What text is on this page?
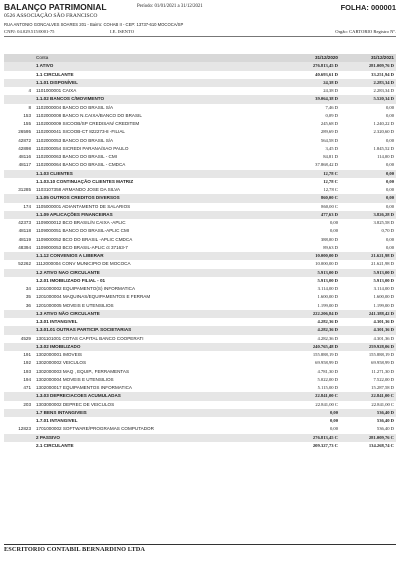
BALANÇO PATRIMONIAL	Período: 01/01/2021 a 31/12/2021	FOLHA: 000001
0526 ASSOCIAÇÃO SÃO FRANCISCO
RUA ANTONIO GONCALVES SOARES 201 - Bairro: COHAB II - CEP: 13737-610 MOCOCA/SP
CNPJ: 04.029.515/0001-75	I.E. ISENTO	Orgão: CARTORIO Registro Nº.
	Conta	31/12/2020	31/12/2021
	1 ATIVO	276.813,45 D	281.009,76 D
	1.1 CIRCULANTE	40.693,61 D	33.251,94 D
	1.1.01 DISPONÍVEL	24,38 D	2.283,34 D
4	1101000001 CAIXA	24,38 D	2.283,34 D
	1.1.02 BANCOS C/MOVIMENTO	39.064,38 D	5.520,34 D
8	1102000004 BANCO DO BRASIL S/A	7,46 D	0,00
153	1102000008 BANCO N.CAIXA/BANCO DO BRASIL	0,09 D	0,00
155	1102000009 SICOOB/SP CREDISAN/ CREDITEM	245,68 D	1.240,22 D
26595	1102000041 SICOOB-CT 822273-8 -FILIAL	289,69 D	2.320,60 D
42872	1102000053 BANCO DO BRASIL S/A	564,58 D	0,00
42898	1102000054 SICREDI PARANA/SAO PAULO	3,45 D	1.845,52 D
48116	1102000063 BANCO DO BRASIL - CMI	84,81 D	114,00 D
48117	1102000064 BANCO DO BRASIL - CMDCA	37.868,42 D	0,00
	1.1.03 CLIENTES	12,78 C	0,00
	1.1.03.10 CONTINUAÇÃO CLIENTES MATRIZ	12,78 C	0,00
31285	1103107358 ARMANDO JOSE DA SILVA	12,78 C	0,00
	1.1.05 OUTROS CREDITOS DIVERSOS	860,00 C	0,00
174	1105000001 ADIANTAMENTO DE SALARIOS	860,00 C	0,00
	1.1.09 APLICAÇÕES FINANCEIRAS	477,63 D	3.826,28 D
42373	1109000012 BCO BRASIL/N CAIXA -APLIC	0,00	3.825,58 D
48118	1109000051 BANCO DO BRASIL-APLIC CMI	0,00	0,70 D
48119	1109000052 BCO DO BRASIL -APLIC CMDCA	388,00 D	0,00
48394	1109000053 BCO BRASIL-APLIC ct 37163-7	89,63 D	0,00
	1.1.12 CONVENIOS A LIBERAR	10.000,00 D	21.621,98 D
52262	1112000004 CONV MUNICIPIO DE MOCOCA	10.000,00 D	21.621,98 D
	1.2 ATIVO NAO CIRCULANTE	5.913,00 D	5.913,00 D
	1.2.01 IMOBILIZADO FILIAL - 01	5.913,00 D	5.913,00 D
34	1201000002 EQUIPAMENTO(S) INFORMATICA	3.114,00 D	3.114,00 D
35	1201000004 MAQUINAS/EQUIPAMENTOS E FERRAM	1.600,00 D	1.600,00 D
36	1201000005 MOVEIS E UTENSILIOS	1.199,00 D	1.199,00 D
	1.3 ATIVO NÃO CIRCULANTE	222.206,84 D	241.388,42 D
	1.3.01 INTANGIVEL	4.282,36 D	4.301,36 D
	1.3.01.01 OUTRAS PARTICIP. SOCIETARIAS	4.282,36 D	4.301,36 D
4529	1301101001 COTAS CAPITAL BANCO COOPERATI	4.282,36 D	4.301,36 D
	1.3.02 IMOBILIZADO	240.765,48 D	259.928,06 D
191	1302000001 IMOVEIS	155.888,19 D	155.888,19 D
192	1302000002 VEICULOS	69.958,99 D	69.958,99 D
193	1302000003 MAQ , EQUIP., FERRAMENTAS	4.781,30 D	11.271,30 D
194	1302000004 MOVEIS E UTENSILIOS	5.022,00 D	7.522,00 D
471	1302000017 EQUIPAMENTOS INFORMATICA	5.115,00 D	15.287,58 D
	1.3.03 DEPRECIACOES ACUMULADAS	22.841,00 C	22.841,00 C
203	1303000002 DEPREC DE VEICULOS	22.841,00 C	22.841,00 C
	1.7 BENS INTANGIVEIS	0,00	536,40 D
	1.7.01 INTANGIVEL	0,00	536,40 D
12823	1701000002 SOFTWARE/PROGRAMAS COMPUTADOR	0,00	536,40 D
	2 PASSIVO	276.813,45 C	281.009,76 C
	2.1 CIRCULANTE	209.327,73 C	134.268,74 C
ESCRITORIO CONTABIL BERNARDINO LTDA
